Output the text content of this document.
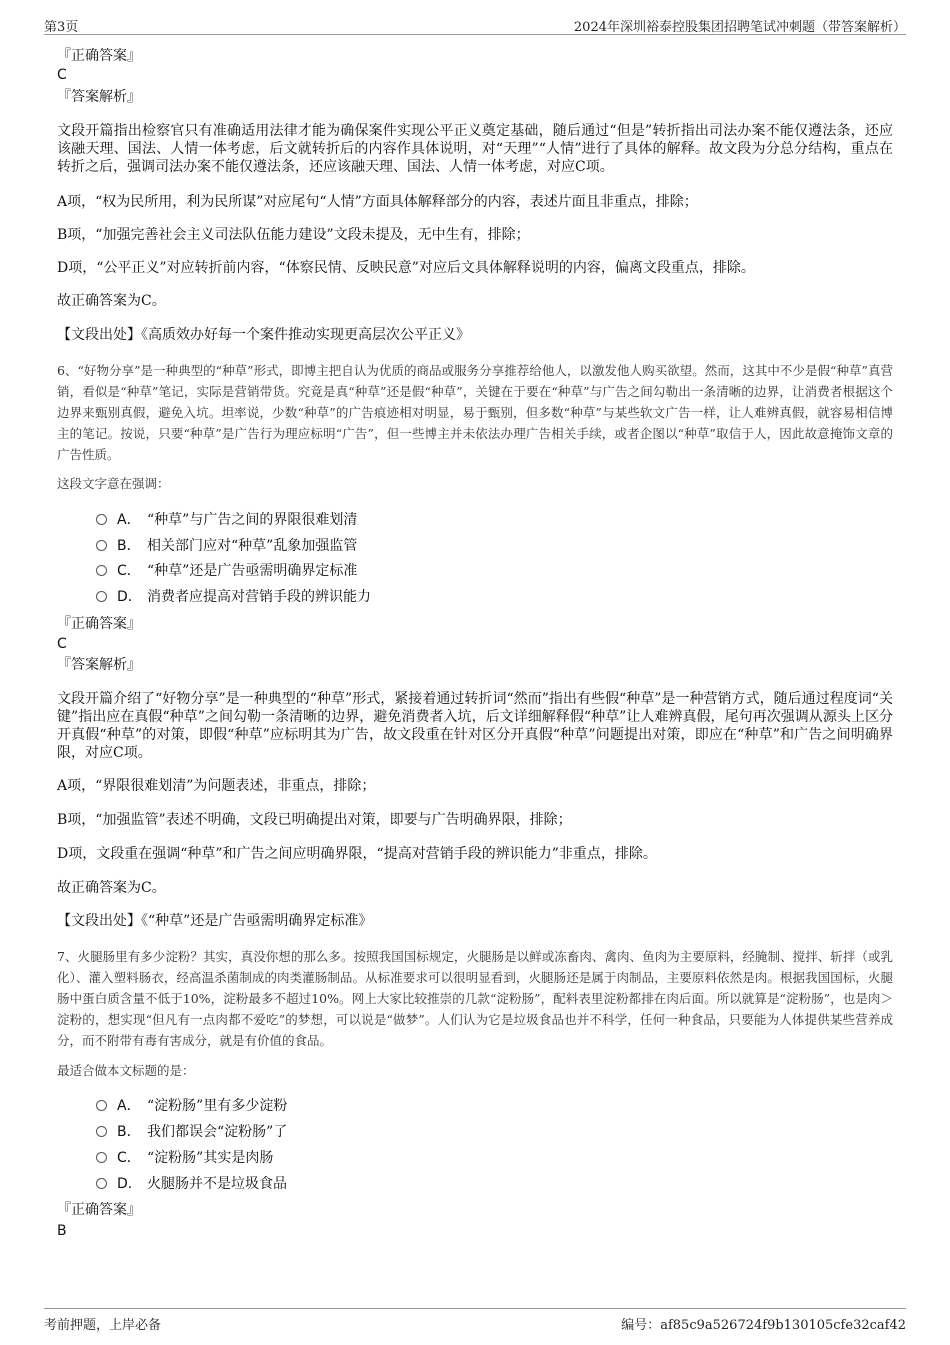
第3页	2024年深圳裕泰控股集团招聘笔试冲刺题（带答案解析）
『正确答案』
C
『答案解析』
文段开篇指出检察官只有准确适用法律才能为确保案件实现公平正义奠定基础，随后通过“但是”转折指出司法办案不能仅遵法条，还应该融天理、国法、人情一体考虑，后文就转折后的内容作具体说明，对“天理”“人情”进行了具体的解释。故文段为分总分结构，重点在转折之后，强调司法办案不能仅遵法条，还应该融天理、国法、人情一体考虑，对应C项。
A项，“权为民所用，利为民所谋”对应尾句“人情”方面具体解释部分的内容，表述片面且非重点，排除；
B项，“加强完善社会主义司法队伍能力建设”文段未提及，无中生有，排除；
D项，“公平正义”对应转折前内容，“体察民情、反映民意”对应后文具体解释说明的内容，偏离文段重点，排除。
故正确答案为C。
【文段出处】《高质效办好每一个案件推动实现更高层次公平正义》
6、“好物分享”是一种典型的“种草”形式，即博主把自认为优质的商品或服务分享推荐给他人，以激发他人购买欲望。然而，这其中不少是假“种草”真营销，看似是“种草”笔记，实际是营销带货。究竟是真“种草”还是假“种草”，关键在于要在“种草”与广告之间勾勒出一条清晰的边界，让消费者根据这个边界来甄别真假，避免入坑。坦率说，少数“种草”的广告痕迹相对明显，易于甄别，但多数“种草”与某些软文广告一样，让人难辨真假，就容易相信博主的笔记。按说，只要“种草”是广告行为理应标明“广告”，但一些博主并未依法办理广告相关手续，或者企图以“种草”取信于人，因此故意掩饰文章的广告性质。
这段文字意在强调：
A． “种草”与广告之间的界限很难划清
B． 相关部门应对“种草”乱象加强监管
C． “种草”还是广告亟需明确界定标准
D． 消费者应提高对营销手段的辨识能力
『正确答案』
C
『答案解析』
文段开篇介绍了“好物分享”是一种典型的“种草”形式，紧接着通过转折词“然而”指出有些假“种草”是一种营销方式，随后通过程度词“关键”指出应在真假“种草”之间勾勒一条清晰的边界，避免消费者入坑，后文详细解释假“种草”让人难辨真假，尾句再次强调从源头上区分开真假“种草”的对策，即假“种草”应标明其为广告，故文段重在针对区分开真假“种草”问题提出对策，即应在“种草”和广告之间明确界限，对应C项。
A项，“界限很难划清”为问题表述，非重点，排除；
B项，“加强监管”表述不明确，文段已明确提出对策，即要与广告明确界限，排除；
D项，文段重在强调“种草”和广告之间应明确界限，“提高对营销手段的辨识能力”非重点，排除。
故正确答案为C。
【文段出处】《“种草”还是广告亟需明确界定标准》
7、火腿肠里有多少淀粉？其实，真没你想的那么多。按照我国国标规定，火腿肠是以鲜或冻畜肉、禽肉、鱼肉为主要原料，经腌制、搅拌、斩拌（或乳化）、灌入塑料肠衣，经高温杀菌制成的肉类灌肠制品。从标准要求可以很明显看到，火腿肠还是属于肉制品，主要原料依然是肉。根据我国国标，火腿肠中蛋白质含量不低于10%，淀粉最多不超过10%。网上大家比较推崇的几款“淀粉肠”，配料表里淀粉都排在肉后面。所以就算是“淀粉肠”，也是肉＞淀粉的，想实现“但凡有一点肉都不爱吃”的梦想，可以说是“做梦”。人们认为它是垃圾食品也并不科学，任何一种食品，只要能为人体提供某些营养成分，而不附带有毒有害成分，就是有价值的食品。
最适合做本文标题的是：
A． “淀粉肠”里有多少淀粉
B． 我们都误会“淀粉肠”了
C． “淀粉肠”其实是肉肠
D． 火腿肠并不是垃圾食品
『正确答案』
B
考前押题，上岸必备	编号：af85c9a526724f9b130105cfe32caf42
